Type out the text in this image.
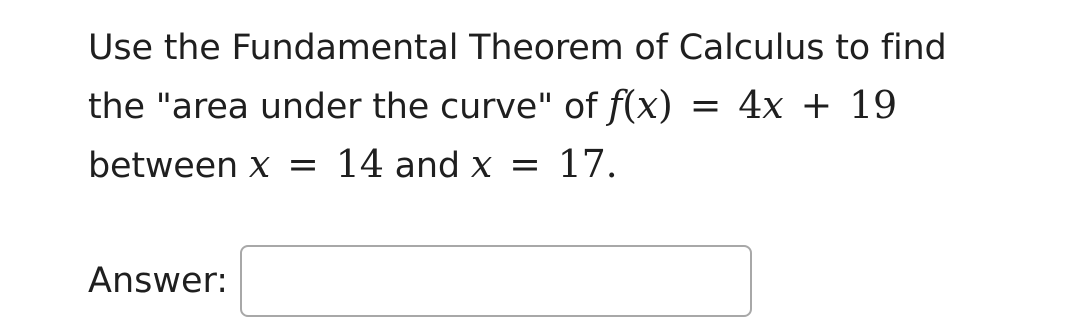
Use the Fundamental Theorem of Calculus to find
the "area under the curve" of f(x) = 4x + 19
between x = 14 and x = 17.
Answer:
